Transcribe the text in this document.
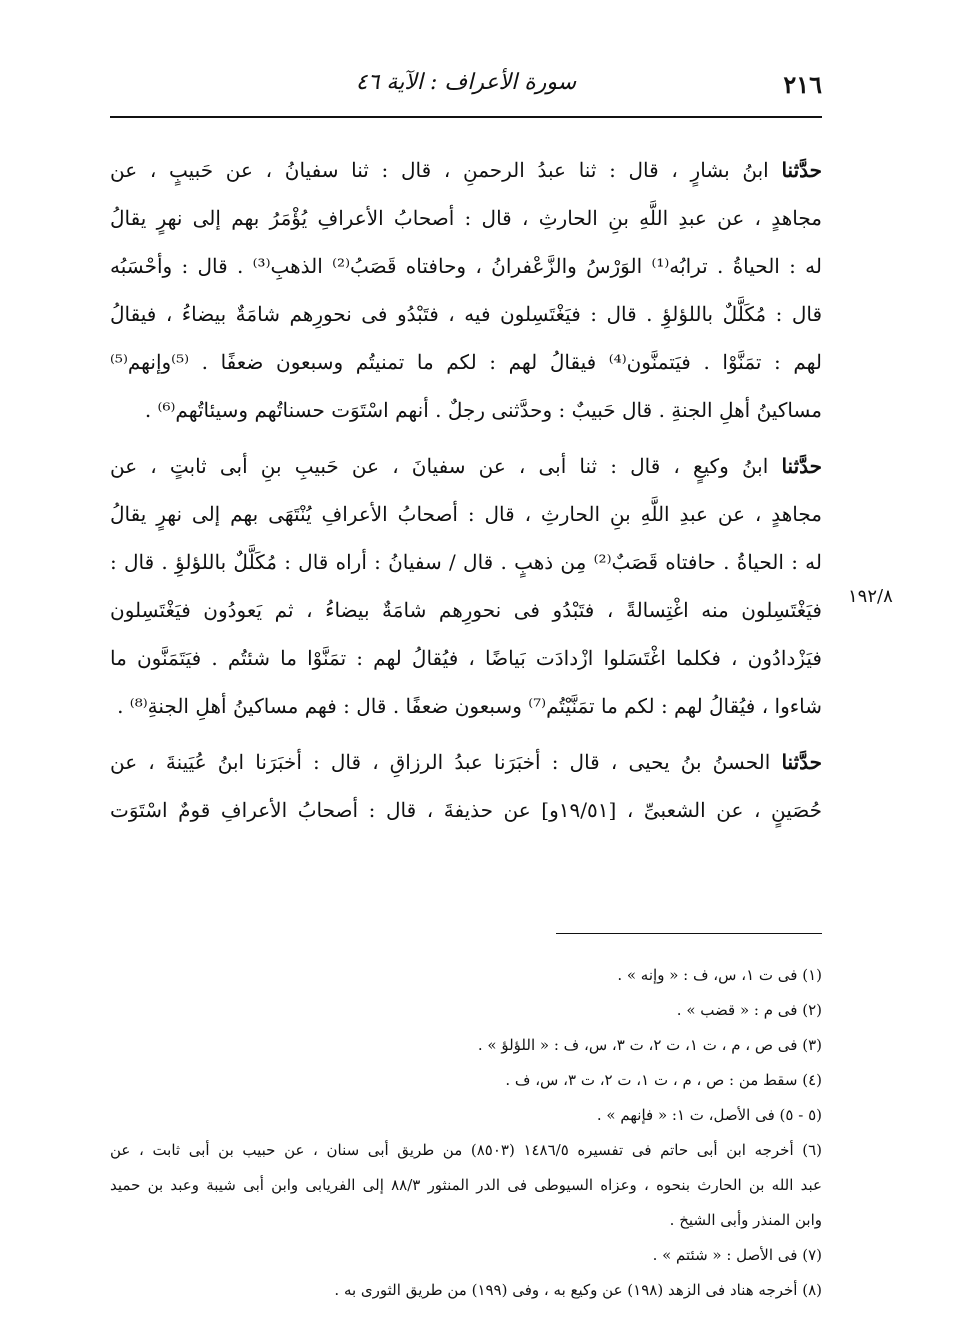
٢١٦
سورة الأعراف : الآية ٤٦
١٩٢/٨
حدَّثنا ابنُ بشارٍ ، قال : ثنا عبدُ الرحمنِ ، قال : ثنا سفيانُ ، عن حَبيبٍ ، عن
مجاهدٍ ، عن عبدِ اللَّهِ بنِ الحارثِ ، قال : أصحابُ الأعرافِ يُؤْمَرُ بهم إلى نهرٍ يقالُ
له : الحياةُ . ترابُه⁽¹⁾ الوَرْسُ والزَّعْفرانُ ، وحافتاه قَصَبُ⁽²⁾ الذهبِ⁽³⁾ . قال : وأحْسَبُه
قال : مُكَلَّلٌ باللؤلؤِ . قال : فيَغْتَسِلون فيه ، فتَبْدُو فى نحورِهم شامَةٌ بيضاءُ ، فيقالُ
لهم : تمَنَّوْا . فيَتمنَّون⁽⁴⁾ فيقالُ لهم : لكم ما تمنيتُم وسبعون ضعفًا . ⁽⁵⁾وإنهم⁽⁵⁾
مساكينُ أهلِ الجنةِ . قال حَبيبٌ : وحدَّثنى رجلٌ . أنهم اسْتَوَت حسناتُهم وسيئاتُهم⁽⁶⁾ .
حدَّثنا ابنُ وكيعٍ ، قال : ثنا أبى ، عن سفيانَ ، عن حَبيبِ بنِ أبى ثابتٍ ، عن
مجاهدٍ ، عن عبدِ اللَّهِ بنِ الحارثِ ، قال : أصحابُ الأعرافِ يُنْتَهَى بهم إلى نهرٍ يقالُ
له : الحياةُ . حافتاه قَصَبٌ⁽²⁾ مِن ذهبٍ . قال / سفيانُ : أراه قال : مُكَلَّلٌ باللؤلؤِ . قال :
فيَغْتَسِلون منه اغْتِسالةً ، فتَبْدُو فى نحورِهم شامَةٌ بيضاءُ ، ثم يَعودُون فيَغْتَسِلون
فيَزْدادُون ، فكلما اغْتَسَلوا ازْدادَت بَياضًا ، فيُقالُ لهم : تمَنَّوْا ما شئتُم . فيَتَمَنَّون ما
شاءوا ، فيُقالُ لهم : لكم ما تمَنَّيْتُم⁽⁷⁾ وسبعون ضعفًا . قال : فهم مساكينُ أهلِ الجنةِ⁽⁸⁾ .
حدَّثنا الحسنُ بنُ يحيى ، قال : أخبَرَنا عبدُ الرزاقِ ، قال : أخبَرَنا ابنُ عُيَينةَ ، عن
حُصَينٍ ، عن الشعبىِّ ، [١٩/٥١و] عن حذيفةَ ، قال : أصحابُ الأعرافِ قومٌ اسْتَوَت
(١) فى ت ١، س، ف : « وإنه » .
(٢) فى م : « قضب » .
(٣) فى ص ، م ، ت ١، ت ٢، ت ٣، س، ف : « اللؤلؤ » .
(٤) سقط من : ص ، م ، ت ١، ت ٢، ت ٣، س، ف .
(٥ - ٥) فى الأصل، ت ١: « فإنهم » .
(٦) أخرجه ابن أبى حاتم فى تفسيره ١٤٨٦/٥ (٨٥٠٣) من طريق أبى سنان ، عن حبيب بن أبى ثابت ، عن
عبد الله بن الحارث بنحوه ، وعزاه السيوطى فى الدر المنثور ٨٨/٣ إلى الفريابى وابن أبى شيبة وعبد بن حميد
وابن المنذر وأبى الشيخ .
(٧) فى الأصل : « شئتم » .
(٨) أخرجه هناد فى الزهد (١٩٨) عن وكيع به ، وفى (١٩٩) من طريق الثورى به .
